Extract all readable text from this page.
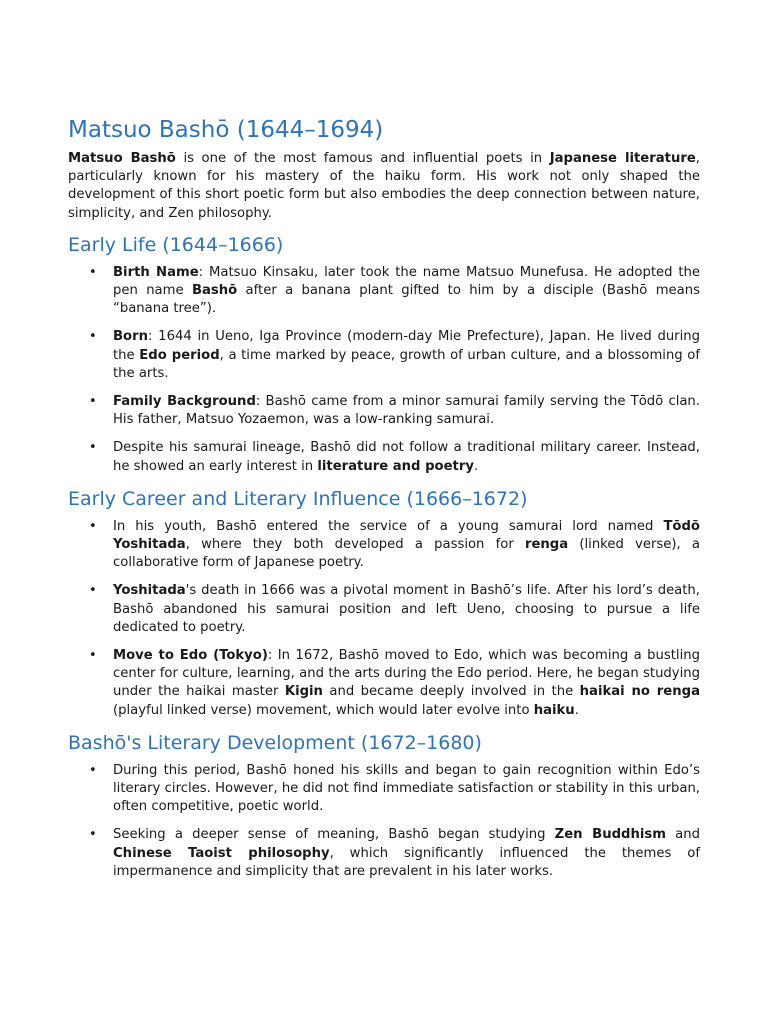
Matsuo Bashō (1644–1694)

Matsuo Bashō is one of the most famous and influential poets in Japanese literature, particularly known for his mastery of the haiku form. His work not only shaped the development of this short poetic form but also embodies the deep connection between nature, simplicity, and Zen philosophy.

Early Life (1644–1666)
• Birth Name: Matsuo Kinsaku, later took the name Matsuo Munefusa. He adopted the pen name Bashō after a banana plant gifted to him by a disciple (Bashō means “banana tree”).
• Born: 1644 in Ueno, Iga Province (modern-day Mie Prefecture), Japan. He lived during the Edo period, a time marked by peace, growth of urban culture, and a blossoming of the arts.
• Family Background: Bashō came from a minor samurai family serving the Tōdō clan. His father, Matsuo Yozaemon, was a low-ranking samurai.
• Despite his samurai lineage, Bashō did not follow a traditional military career. Instead, he showed an early interest in literature and poetry.
Early Career and Literary Influence (1666–1672)
• In his youth, Bashō entered the service of a young samurai lord named Tōdō Yoshitada, where they both developed a passion for renga (linked verse), a collaborative form of Japanese poetry.
• Yoshitada's death in 1666 was a pivotal moment in Bashō’s life. After his lord’s death, Bashō abandoned his samurai position and left Ueno, choosing to pursue a life dedicated to poetry.
• Move to Edo (Tokyo): In 1672, Bashō moved to Edo, which was becoming a bustling center for culture, learning, and the arts during the Edo period. Here, he began studying under the haikai master Kigin and became deeply involved in the haikai no renga (playful linked verse) movement, which would later evolve into haiku.
Bashō's Literary Development (1672–1680)
• During this period, Bashō honed his skills and began to gain recognition within Edo’s literary circles. However, he did not find immediate satisfaction or stability in this urban, often competitive, poetic world.
• Seeking a deeper sense of meaning, Bashō began studying Zen Buddhism and Chinese Taoist philosophy, which significantly influenced the themes of impermanence and simplicity that are prevalent in his later works.
